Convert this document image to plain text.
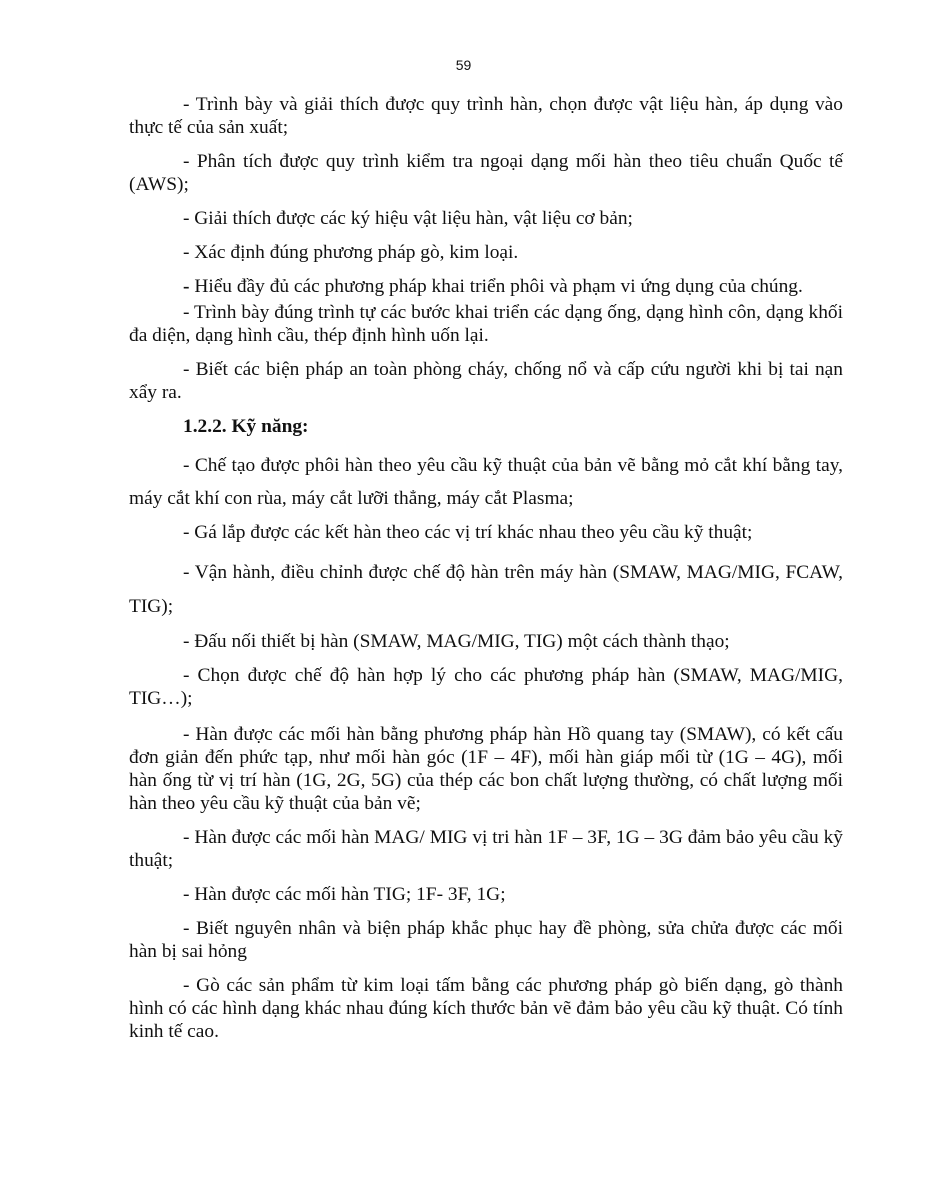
59

- Trình bày và giải thích được quy trình hàn, chọn được vật liệu hàn, áp dụng vào thực tế của sản xuất;

- Phân tích được quy trình kiểm tra ngoại dạng mối hàn theo tiêu chuẩn Quốc tế (AWS);

- Giải thích được các ký hiệu vật liệu hàn, vật liệu cơ bản;

- Xác định đúng phương pháp gò, kim loại.

- Hiểu đầy đủ các phương pháp khai triển phôi và phạm vi ứng dụng của chúng.

- Trình bày đúng trình tự các bước khai triển các dạng ống, dạng hình côn, dạng khối đa diện, dạng hình cầu, thép định hình uốn lại.

- Biết các biện pháp an toàn phòng cháy, chống nổ và cấp cứu người khi bị tai nạn xẩy ra.

1.2.2. Kỹ năng:

- Chế tạo được phôi hàn theo yêu cầu kỹ thuật của bản vẽ bằng mỏ cắt khí bằng tay, máy cắt khí con rùa, máy cắt lưỡi thẳng, máy cắt Plasma;

- Gá lắp được các kết hàn theo các vị trí khác nhau theo yêu cầu kỹ thuật;

- Vận hành, điều chỉnh được chế độ hàn trên máy hàn (SMAW, MAG/MIG, FCAW, TIG);

- Đấu nối thiết bị hàn (SMAW, MAG/MIG, TIG) một cách thành thạo;

- Chọn được chế độ hàn hợp lý cho các phương pháp hàn (SMAW, MAG/MIG, TIG…);

- Hàn được các mối hàn bằng phương pháp hàn Hồ quang tay (SMAW), có kết cấu đơn giản đến phức tạp, như mối hàn góc (1F – 4F), mối hàn giáp mối từ (1G – 4G), mối hàn ống từ vị trí hàn (1G, 2G, 5G) của thép các bon chất lượng thường, có chất lượng mối hàn theo yêu cầu kỹ thuật của bản vẽ;

- Hàn được các mối hàn MAG/ MIG vị tri hàn 1F – 3F, 1G – 3G đảm bảo yêu cầu kỹ thuật;

- Hàn được các mối hàn TIG; 1F- 3F, 1G;

- Biết nguyên nhân và biện pháp khắc phục hay đề phòng, sửa chửa được các mối hàn bị sai hỏng

- Gò các sản phẩm từ kim loại tấm bằng các phương pháp gò biến dạng, gò thành hình có các hình dạng khác nhau đúng kích thước bản vẽ đảm bảo yêu cầu kỹ thuật. Có tính kinh tế cao.
